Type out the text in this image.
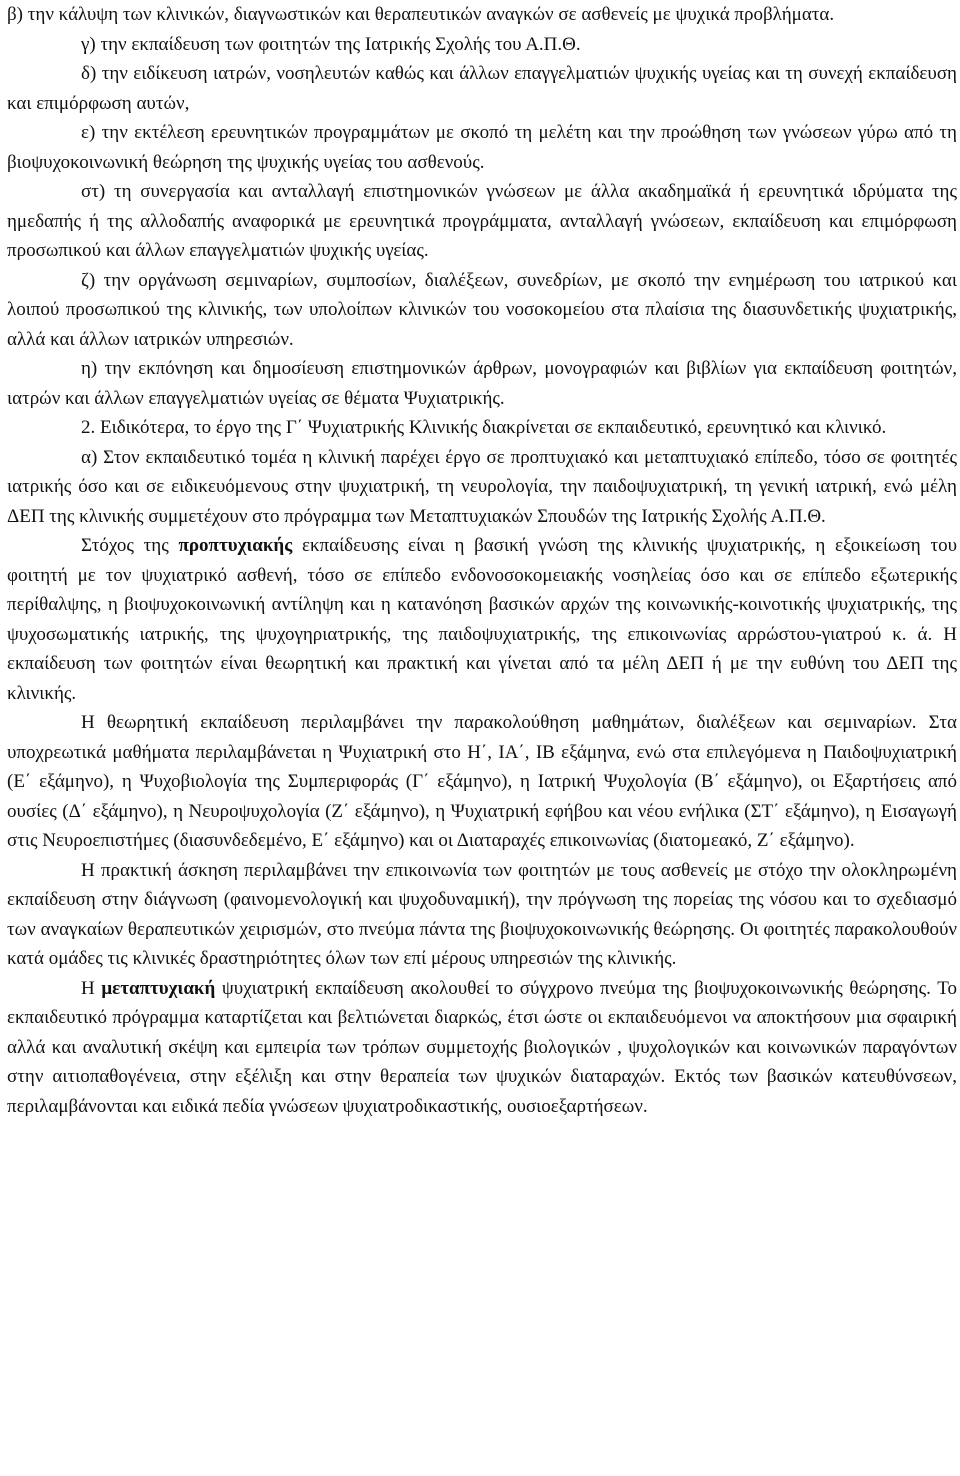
β) την κάλυψη των κλινικών, διαγνωστικών και θεραπευτικών αναγκών σε ασθενείς με ψυχικά προβλήματα.

γ) την εκπαίδευση των φοιτητών της Ιατρικής Σχολής του Α.Π.Θ.

δ) την ειδίκευση ιατρών, νοσηλευτών καθώς και άλλων επαγγελματιών ψυχικής υγείας και τη συνεχή εκπαίδευση και επιμόρφωση αυτών,

ε) την εκτέλεση ερευνητικών προγραμμάτων με σκοπό τη μελέτη και την προώθηση των γνώσεων γύρω από τη βιοψυχοκοινωνική θεώρηση της ψυχικής υγείας του ασθενούς.

στ) τη συνεργασία και ανταλλαγή επιστημονικών γνώσεων με άλλα ακαδημαϊκά ή ερευνητικά ιδρύματα της ημεδαπής ή της αλλοδαπής αναφορικά με ερευνητικά προγράμματα, ανταλλαγή γνώσεων, εκπαίδευση και επιμόρφωση προσωπικού και άλλων επαγγελματιών ψυχικής υγείας.

ζ) την οργάνωση σεμιναρίων, συμποσίων, διαλέξεων, συνεδρίων, με σκοπό την ενημέρωση του ιατρικού και λοιπού προσωπικού της κλινικής, των υπολοίπων κλινικών του νοσοκομείου στα πλαίσια της διασυνδετικής ψυχιατρικής, αλλά και άλλων ιατρικών υπηρεσιών.

η) την εκπόνηση και δημοσίευση επιστημονικών άρθρων, μονογραφιών και βιβλίων για εκπαίδευση φοιτητών, ιατρών και άλλων επαγγελματιών υγείας σε θέματα Ψυχιατρικής.

2. Ειδικότερα, το έργο της Γ΄ Ψυχιατρικής Κλινικής διακρίνεται σε εκπαιδευτικό, ερευνητικό και κλινικό.

α) Στον εκπαιδευτικό τομέα η κλινική παρέχει έργο σε προπτυχιακό και μεταπτυχιακό επίπεδο, τόσο σε φοιτητές ιατρικής όσο και σε ειδικευόμενους στην ψυχιατρική, τη νευρολογία, την παιδοψυχιατρική, τη γενική ιατρική, ενώ μέλη ΔΕΠ της κλινικής συμμετέχουν στο πρόγραμμα των Μεταπτυχιακών Σπουδών της Ιατρικής Σχολής Α.Π.Θ.

Στόχος της προπτυχιακής εκπαίδευσης είναι η βασική γνώση της κλινικής ψυχιατρικής, η εξοικείωση του φοιτητή με τον ψυχιατρικό ασθενή, τόσο σε επίπεδο ενδονοσοκομειακής νοσηλείας όσο και σε επίπεδο εξωτερικής περίθαλψης, η βιοψυχοκοινωνική αντίληψη και η κατανόηση βασικών αρχών της κοινωνικής-κοινοτικής ψυχιατρικής, της ψυχοσωματικής ιατρικής, της ψυχογηριατρικής, της παιδοψυχιατρικής, της επικοινωνίας αρρώστου-γιατρού κ. ά. Η εκπαίδευση των φοιτητών είναι θεωρητική και πρακτική και γίνεται από τα μέλη ΔΕΠ ή με την ευθύνη του ΔΕΠ της κλινικής.

Η θεωρητική εκπαίδευση περιλαμβάνει την παρακολούθηση μαθημάτων, διαλέξεων και σεμιναρίων. Στα υποχρεωτικά μαθήματα περιλαμβάνεται η Ψυχιατρική στο Η΄, ΙΑ΄, ΙΒ εξάμηνα, ενώ στα επιλεγόμενα η Παιδοψυχιατρική (Ε΄ εξάμηνο), η Ψυχοβιολογία της Συμπεριφοράς (Γ΄ εξάμηνο), η Ιατρική Ψυχολογία (Β΄ εξάμηνο), οι Εξαρτήσεις από ουσίες (Δ΄ εξάμηνο), η Νευροψυχολογία (Ζ΄ εξάμηνο), η Ψυχιατρική εφήβου και νέου ενήλικα (ΣΤ΄ εξάμηνο), η Εισαγωγή στις Νευροεπιστήμες (διασυνδεδεμένο, Ε΄ εξάμηνο) και οι Διαταραχές επικοινωνίας (διατομεακό, Ζ΄ εξάμηνο).

Η πρακτική άσκηση περιλαμβάνει την επικοινωνία των φοιτητών με τους ασθενείς με στόχο την ολοκληρωμένη εκπαίδευση στην διάγνωση (φαινομενολογική και ψυχοδυναμική), την πρόγνωση της πορείας της νόσου και το σχεδιασμό των αναγκαίων θεραπευτικών χειρισμών, στο πνεύμα πάντα της βιοψυχοκοινωνικής θεώρησης. Οι φοιτητές παρακολουθούν κατά ομάδες τις κλινικές δραστηριότητες όλων των επί μέρους υπηρεσιών της κλινικής.

Η μεταπτυχιακή ψυχιατρική εκπαίδευση ακολουθεί το σύγχρονο πνεύμα της βιοψυχοκοινωνικής θεώρησης. Το εκπαιδευτικό πρόγραμμα καταρτίζεται και βελτιώνεται διαρκώς, έτσι ώστε οι εκπαιδευόμενοι να αποκτήσουν μια σφαιρική αλλά και αναλυτική σκέψη και εμπειρία των τρόπων συμμετοχής βιολογικών , ψυχολογικών και κοινωνικών παραγόντων στην αιτιοπαθογένεια, στην εξέλιξη και στην θεραπεία των ψυχικών διαταραχών. Εκτός των βασικών κατευθύνσεων, περιλαμβάνονται και ειδικά πεδία γνώσεων ψυχιατροδικαστικής, ουσιοεξαρτήσεων.
